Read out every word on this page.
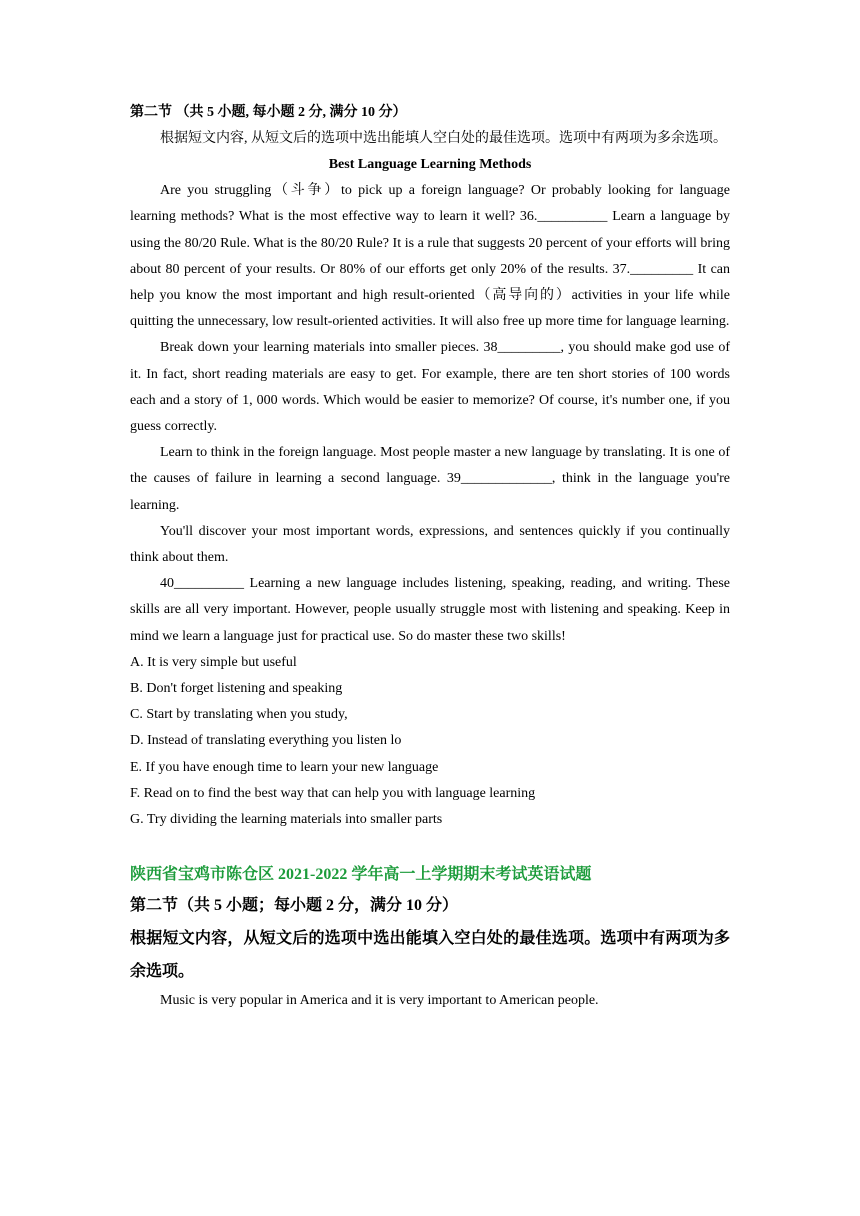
第二节 （共 5 小题, 每小题 2 分, 满分 10 分）

根据短文内容, 从短文后的选项中选出能填人空白处的最佳选项。选项中有两项为多余选项。

Best Language Learning Methods

Are you struggling（斗争）to pick up a foreign language? Or probably looking for language learning methods? What is the most effective way to learn it well? 36.__________ Learn a language by using the 80/20 Rule. What is the 80/20 Rule? It is a rule that suggests 20 percent of your efforts will bring about 80 percent of your results. Or 80% of our efforts get only 20% of the results. 37._________ It can help you know the most important and high result-oriented（高导向的）activities in your life while quitting the unnecessary, low result-oriented activities. It will also free up more time for language learning.

Break down your learning materials into smaller pieces. 38_________, you should make god use of it. In fact, short reading materials are easy to get. For example, there are ten short stories of 100 words each and a story of 1, 000 words. Which would be easier to memorize? Of course, it's number one, if you guess correctly.

Learn to think in the foreign language. Most people master a new language by translating. It is one of the causes of failure in learning a second language. 39_____________, think in the language you're learning.

You'll discover your most important words, expressions, and sentences quickly if you continually think about them.

40__________ Learning a new language includes listening, speaking, reading, and writing. These skills are all very important. However, people usually struggle most with listening and speaking. Keep in mind we learn a language just for practical use. So do master these two skills!

A. It is very simple but useful

B. Don't forget listening and speaking

C. Start by translating when you study,

D. Instead of translating everything you listen lo

E. If you have enough time to learn your new language

F. Read on to find the best way that can help you with language learning

G. Try dividing the learning materials into smaller parts

陕西省宝鸡市陈仓区 2021-2022 学年高一上学期期末考试英语试题

第二节（共 5 小题；每小题 2 分，满分 10 分）

根据短文内容，从短文后的选项中选出能填入空白处的最佳选项。选项中有两项为多余选项。

Music is very popular in America and it is very important to American people.
